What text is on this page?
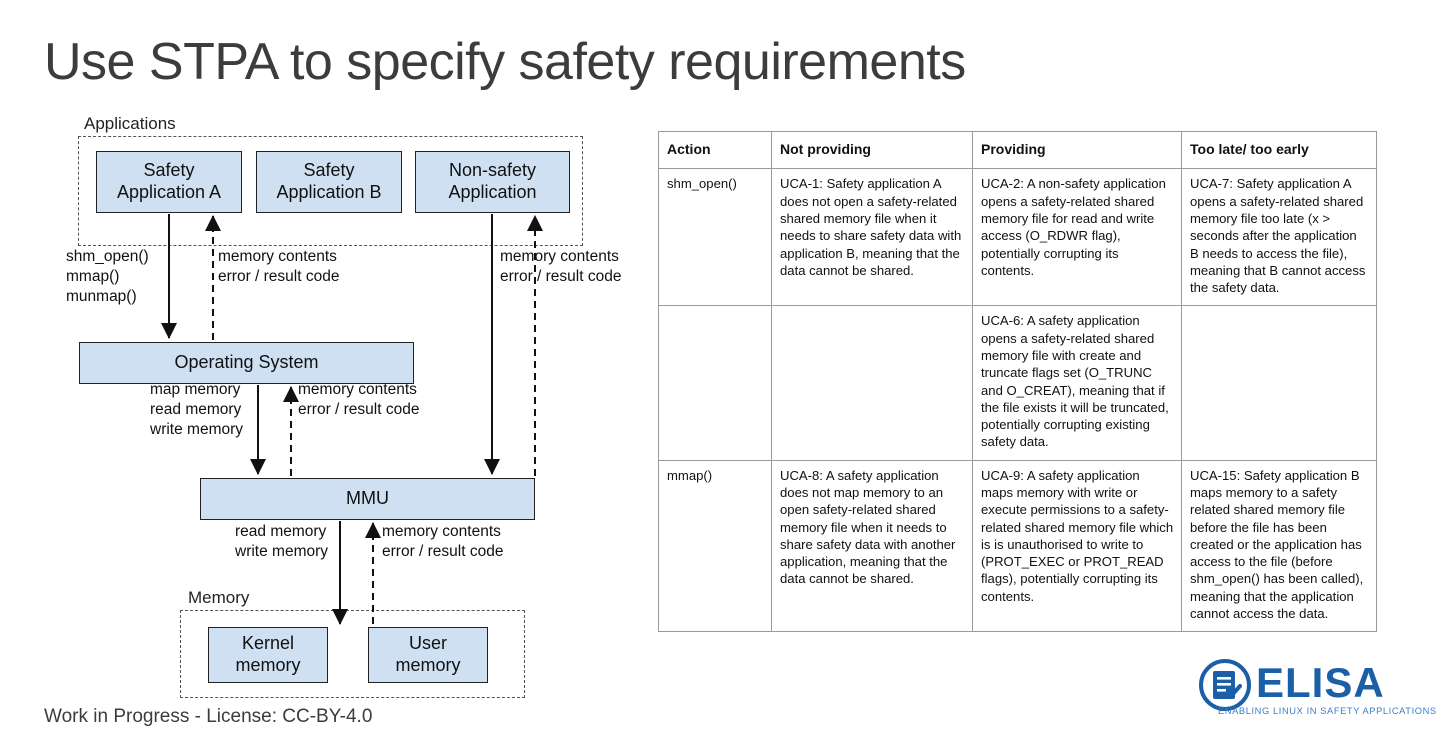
Use STPA to specify safety requirements
Applications
Safety
Application A
Safety
Application B
Non-safety
Application
Operating System
MMU
Memory
Kernel
memory
User
memory
shm_open()
mmap()
munmap()
memory contents
error / result code
memory contents
error / result code
map memory
read memory
write memory
memory contents
error / result code
read memory
write memory
memory contents
error / result code
Action	Not providing	Providing	Too late/ too early
shm_open()	UCA-1: Safety application A does not open a safety-related shared memory file when it needs to share safety data with application B, meaning that the data cannot be shared.	UCA-2: A non-safety application opens a safety-related shared memory file for read and write access (O_RDWR flag), potentially corrupting its contents.	UCA-7: Safety application A opens a safety-related shared memory file too late (x > seconds after the application B needs to access the file), meaning that B cannot access the safety data.
		UCA-6: A safety application opens a safety-related shared memory file with create and truncate flags set (O_TRUNC and O_CREAT), meaning that if the file exists it will be truncated, potentially corrupting existing safety data.	
mmap()	UCA-8: A safety application does not map memory to an open safety-related shared memory file when it needs to share safety data with another application, meaning that the data cannot be shared.	UCA-9: A safety application maps memory with write or execute permissions to a safety-related shared memory file which is is unauthorised to write to (PROT_EXEC or PROT_READ flags), potentially corrupting its contents.	UCA-15: Safety application B maps memory to a safety related shared memory file before the file has been created or the application has access to the file (before shm_open() has been called), meaning that the application cannot access the data.
Work in Progress - License: CC-BY-4.0
ELISA
ENABLING LINUX IN SAFETY APPLICATIONS
